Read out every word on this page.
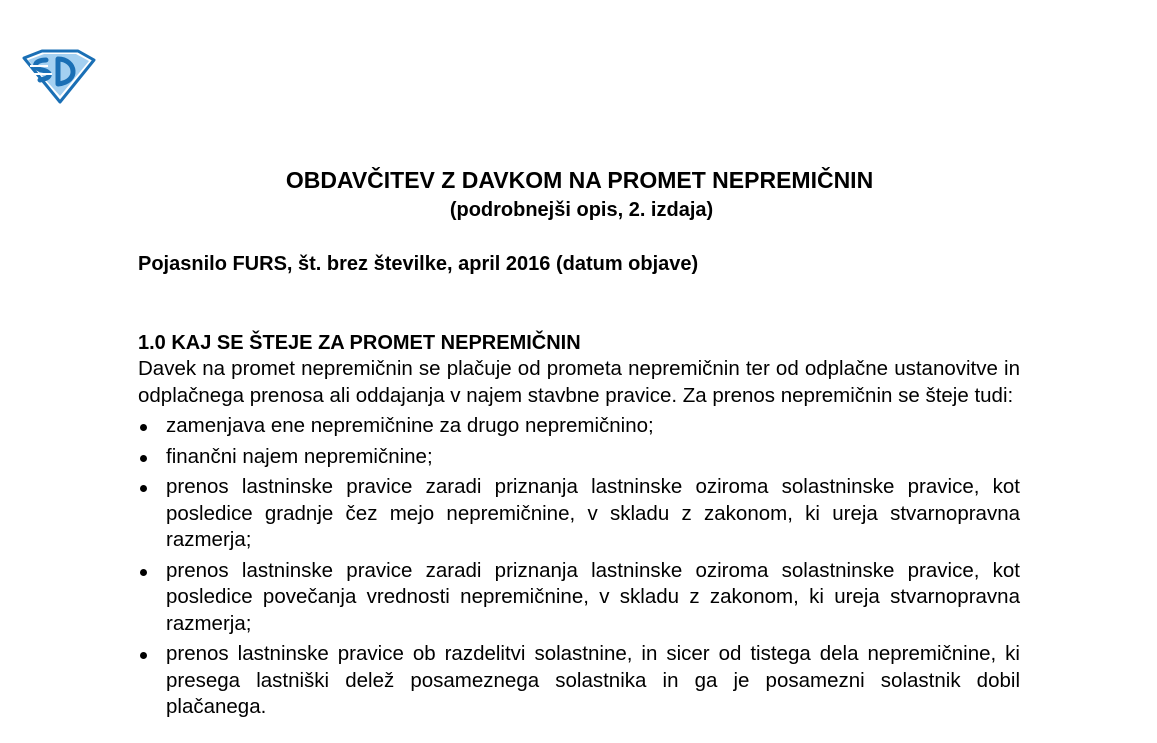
OBDAVČITEV Z DAVKOM NA PROMET NEPREMIČNIN
(podrobnejši opis, 2. izdaja)
Pojasnilo FURS, št. brez številke, april 2016 (datum objave)
1.0 KAJ SE ŠTEJE ZA PROMET NEPREMIČNIN

Davek na promet nepremičnin se plačuje od prometa nepremičnin ter od odplačne ustanovitve in odplačnega prenosa ali oddajanja v najem stavbne pravice. Za prenos nepremičnin se šteje tudi:

zamenjava ene nepremičnine za drugo nepremičnino;
finančni najem nepremičnine;
prenos lastninske pravice zaradi priznanja lastninske oziroma solastninske pravice, kot posledice gradnje čez mejo nepremičnine, v skladu z zakonom, ki ureja stvarnopravna razmerja;
prenos lastninske pravice zaradi priznanja lastninske oziroma solastninske pravice, kot posledice povečanja vrednosti nepremičnine, v skladu z zakonom, ki ureja stvarnopravna razmerja;
prenos lastninske pravice ob razdelitvi solastnine, in sicer od tistega dela nepremičnine, ki presega lastniški delež posameznega solastnika in ga je posamezni solastnik dobil plačanega.
